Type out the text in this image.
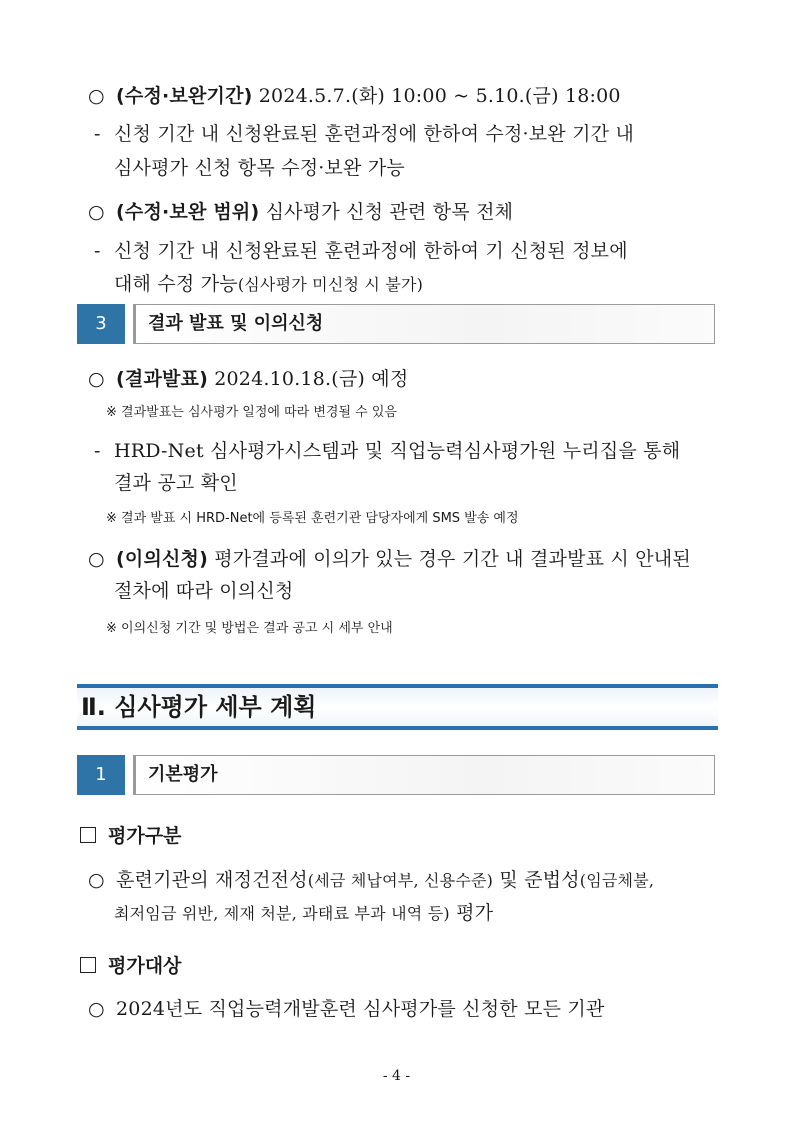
○ (수정·보완기간) 2024.5.7.(화) 10:00 ~ 5.10.(금) 18:00
- 신청 기간 내 신청완료된 훈련과정에 한하여 수정·보완 기간 내
심사평가 신청 항목 수정·보완 가능
○ (수정·보완 범위) 심사평가 신청 관련 항목 전체
- 신청 기간 내 신청완료된 훈련과정에 한하여 기 신청된 정보에
대해 수정 가능(심사평가 미신청 시 불가)
3	결과 발표 및 이의신청
○ (결과발표) 2024.10.18.(금) 예정
※ 결과발표는 심사평가 일정에 따라 변경될 수 있음
- HRD-Net 심사평가시스템과 및 직업능력심사평가원 누리집을 통해
결과 공고 확인
※ 결과 발표 시 HRD-Net에 등록된 훈련기관 담당자에게 SMS 발송 예정
○ (이의신청) 평가결과에 이의가 있는 경우 기간 내 결과발표 시 안내된
절차에 따라 이의신청
※ 이의신청 기간 및 방법은 결과 공고 시 세부 안내
Ⅱ. 심사평가 세부 계획
1	기본평가
평가구분
○ 훈련기관의 재정건전성(세금 체납여부, 신용수준) 및 준법성(임금체불,
최저임금 위반, 제재 처분, 과태료 부과 내역 등) 평가
평가대상
○ 2024년도 직업능력개발훈련 심사평가를 신청한 모든 기관
- 4 -
